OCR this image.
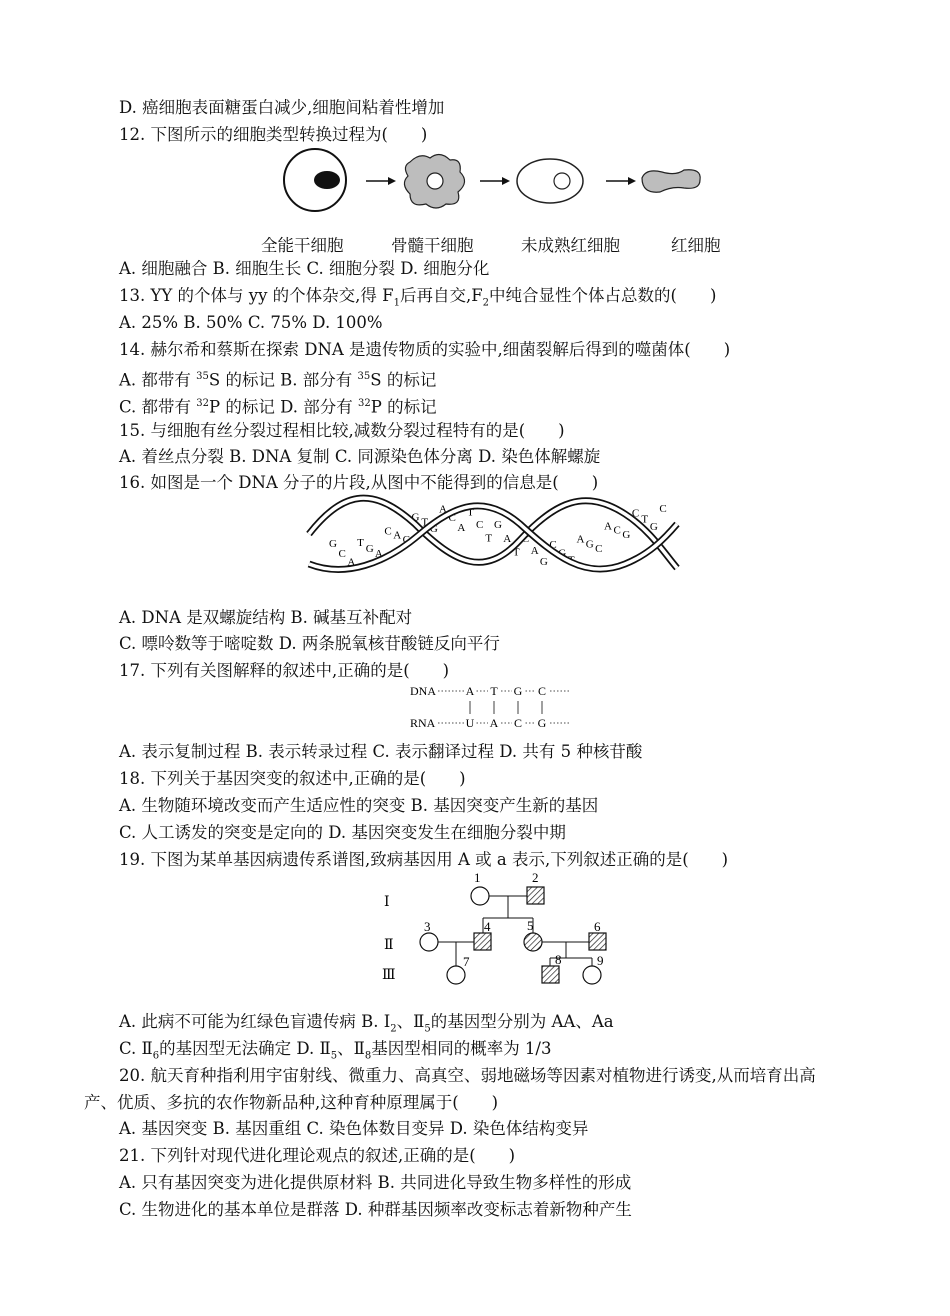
D. 癌细胞表面糖蛋白减少,细胞间粘着性增加
12. 下图所示的细胞类型转换过程为(　　)
全能干细胞	骨髓干细胞	未成熟红细胞	红细胞
A. 细胞融合 B. 细胞生长 C. 细胞分裂 D. 细胞分化
13. YY 的个体与 yy 的个体杂交,得 $F_1$后再自交$,F_2$中纯合显性个体占总数的(　　)
A. 25% B. 50% C. 75% D. 100%
14. 赫尔希和蔡斯在探索 DNA 是遗传物质的实验中,细菌裂解后得到的噬菌体(　　)
A. 都带有 $^{35}$S 的标记 B. 部分有 $^{35}$S 的标记
C. 都带有 $^{32}$P 的标记 D. 部分有 $^{32}$P 的标记
15. 与细胞有丝分裂过程相比较,减数分裂过程特有的是(　　)
A. 着丝点分裂 B. DNA 复制 C. 同源染色体分离 D. 染色体解螺旋
16. 如图是一个 DNA 分子的片段,从图中不能得到的信息是(　　)
G
C
A
T
G A
C A C
G T
G
A
C
A
T
C
T
G
A
T
C
A
G
C
G
T
A G C
A C G
C
T
G
C
A. DNA 是双螺旋结构 B. 碱基互补配对
C. 嘌呤数等于嘧啶数 D. 两条脱氧核苷酸链反向平行
17. 下列有关图解释的叙述中,正确的是(　　)
DNA
RNA
A
U
T
A
G
C
C
G
A. 表示复制过程 B. 表示转录过程 C. 表示翻译过程 D. 共有 5 种核苷酸
18. 下列关于基因突变的叙述中,正确的是(　　)
A. 生物随环境改变而产生适应性的突变 B. 基因突变产生新的基因
C. 人工诱发的突变是定向的 D. 基因突变发生在细胞分裂中期
19. 下图为某单基因病遗传系谱图,致病基因用 A 或 a 表示,下列叙述正确的是(　　)
Ⅰ
Ⅱ
Ⅲ
1	2
3	4	5	6
7	8	9
A. 此病不可能为红绿色盲遗传病 B. $Ⅰ_2$、$Ⅱ_5$的基因型分别为 AA、Aa
C. $Ⅱ_6$的基因型无法确定 D. $Ⅱ_5$、$Ⅱ_8$基因型相同的概率为 1/3
20. 航天育种指利用宇宙射线、微重力、高真空、弱地磁场等因素对植物进行诱变,从而培育出高
产、优质、多抗的农作物新品种,这种育种原理属于(　　)
A. 基因突变 B. 基因重组 C. 染色体数目变异 D. 染色体结构变异
21. 下列针对现代进化理论观点的叙述,正确的是(　　)
A. 只有基因突变为进化提供原材料 B. 共同进化导致生物多样性的形成
C. 生物进化的基本单位是群落 D. 种群基因频率改变标志着新物种产生
